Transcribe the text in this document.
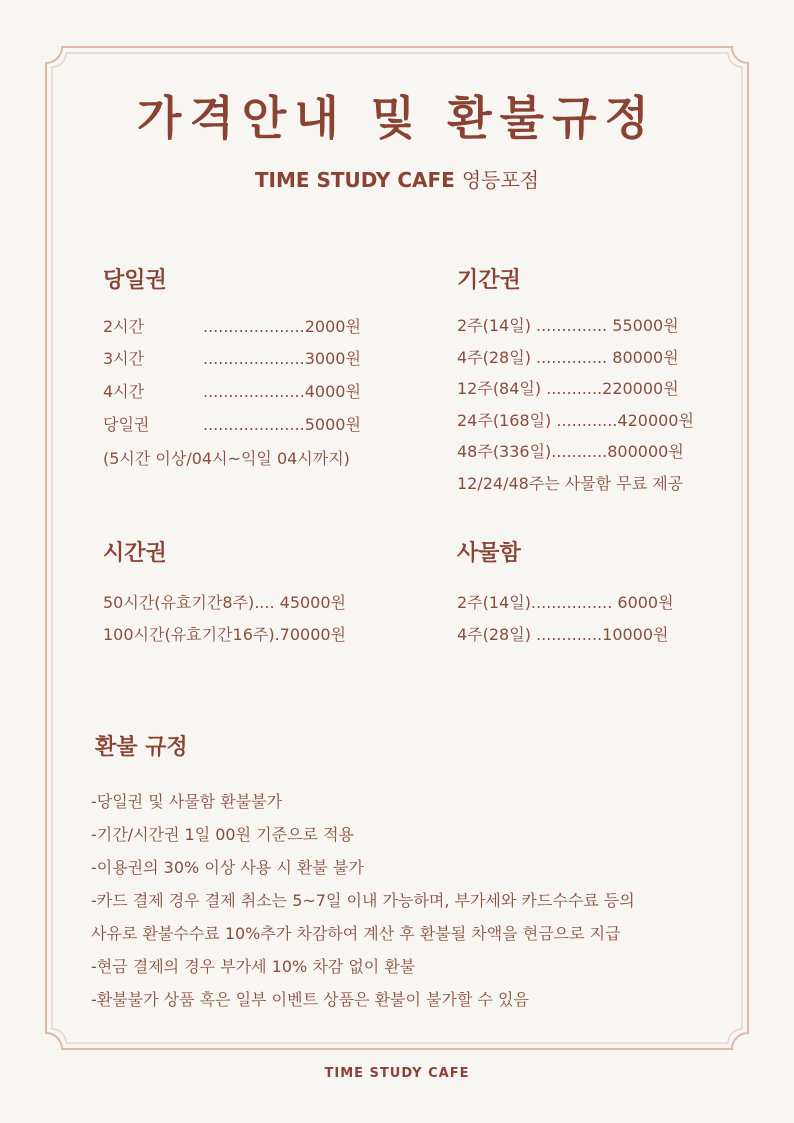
가격안내 및 환불규정
TIME STUDY CAFE 영등포점
당일권
2시간	....................2000원
3시간	....................3000원
4시간	....................4000원
당일권	....................5000원
(5시간 이상/04시~익일 04시까지)
기간권
2주(14일) .............. 55000원
4주(28일) .............. 80000원
12주(84일) ...........220000원
24주(168일) ............420000원
48주(336일)...........800000원
12/24/48주는 사물함 무료 제공
시간권
50시간(유효기간8주).... 45000원
100시간(유효기간16주).70000원
사물함
2주(14일)................ 6000원
4주(28일) .............10000원
환불 규정
-당일권 및 사물함 환불불가
-기간/시간권 1일 00원 기준으로 적용
-이용권의 30% 이상 사용 시 환불 불가
-카드 결제 경우 결제 취소는 5~7일 이내 가능하며, 부가세와 카드수수료 등의
사유로 환불수수료 10%추가 차감하여 계산 후 환불될 차액을 현금으로 지급
-현금 결제의 경우 부가세 10% 차감 없이 환불
-환불불가 상품 혹은 일부 이벤트 상품은 환불이 불가할 수 있음
TIME STUDY CAFE
